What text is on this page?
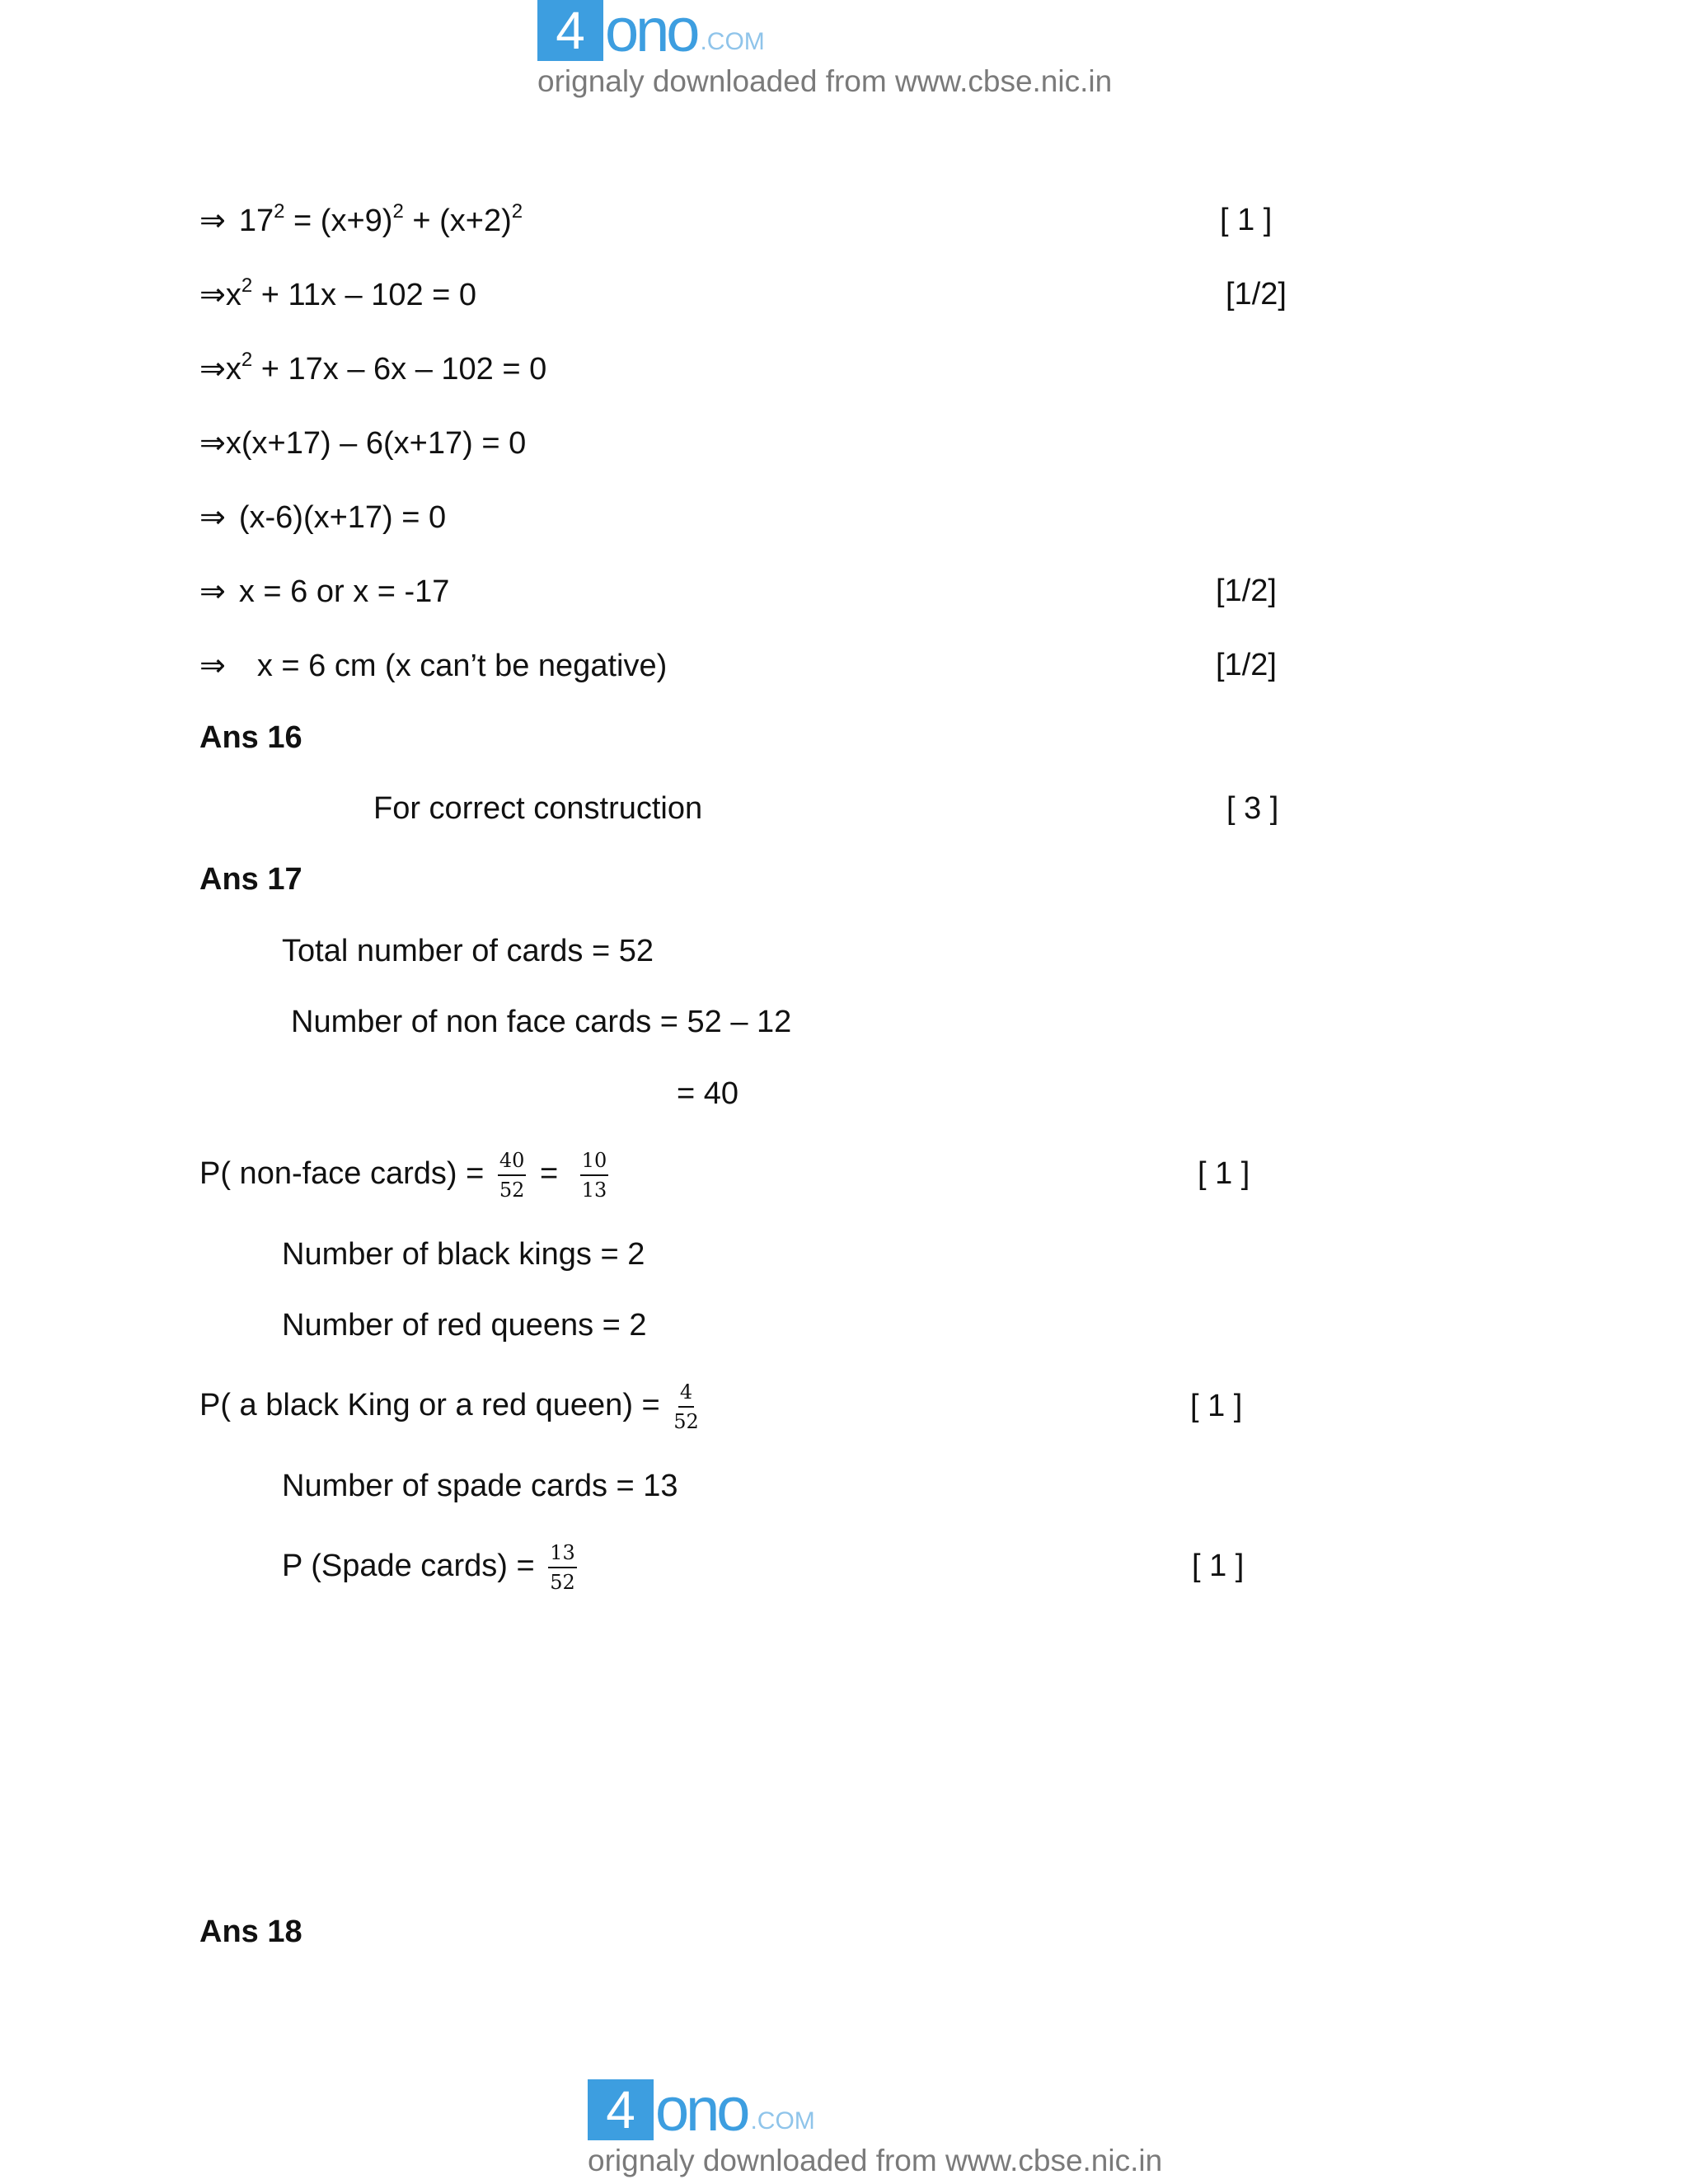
4 ono .COM
orignaly downloaded from www.cbse.nic.in
⇒ $17^2 = (x+9)^2 + (x+2)^2$	[ 1 ]
$\Rightarrow x^2 + 11x - 102 = 0$	[1/2]
$\Rightarrow x^2 + 17x - 6x - 102 = 0$
⇒x(x+17) – 6(x+17) = 0
⇒ (x-6)(x+17) = 0
⇒ x = 6 or x = -17	[1/2]
⇒ x = 6 cm (x can’t be negative)	[1/2]
Ans 16
For correct construction	[ 3 ]
Ans 17
Total number of cards = 52
Number of non face cards = 52 – 12
= 40
P( non-face cards) = $\frac{40}{52} = \frac{10}{13}$	[ 1 ]
Number of black kings = 2
Number of red queens = 2
P( a black King or a red queen) = $\frac{4}{52}$	[ 1 ]
Number of spade cards = 13
P (Spade cards) = $\frac{13}{52}$	[ 1 ]
Ans 18
4 ono .COM
orignaly downloaded from www.cbse.nic.in
